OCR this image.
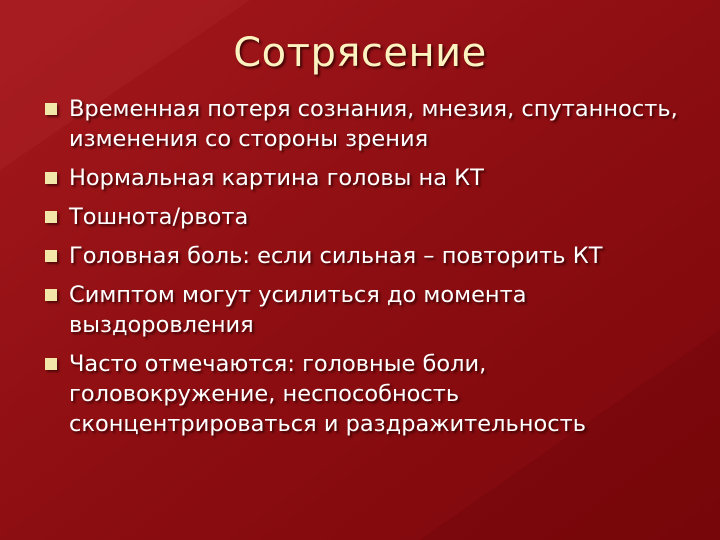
Сотрясение
Временная потеря сознания, мнезия, спутанность, изменения со стороны зрения
Нормальная картина головы на КТ
Тошнота/рвота
Головная боль: если сильная – повторить КТ
Симптом могут усилиться до момента выздоровления
Часто отмечаются: головные боли, головокружение, неспособность сконцентрироваться и раздражительность
